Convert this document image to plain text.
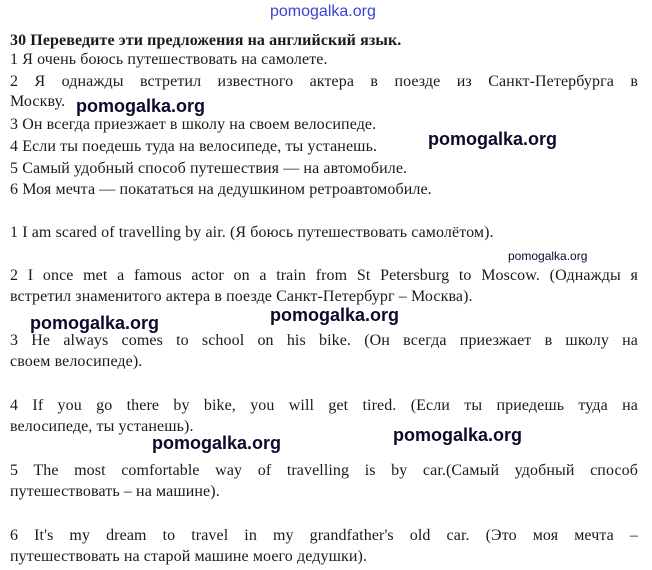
pomogalka.org
30 Переведите эти предложения на английский язык.
1 Я очень боюсь путешествовать на самолете.
2 Я однажды встретил известного актера в поезде из Санкт-Петербурга в
Москву.
3 Он всегда приезжает в школу на своем велосипеде.
4 Если ты поедешь туда на велосипеде, ты устанешь.
5 Самый удобный способ путешествия — на автомобиле.
6 Моя мечта — покататься на дедушкином ретроавтомобиле.
1 I am scared of travelling by air. (Я боюсь путешествовать самолётом).
2 I once met a famous actor on a train from St Petersburg to Moscow. (Однажды я
встретил знаменитого актера в поезде Санкт-Петербург – Москва).
3 He always comes to school on his bike. (Он всегда приезжает в школу на
своем велосипеде).
4 If you go there by bike, you will get tired. (Если ты приедешь туда на
велосипеде, ты устанешь).
5 The most comfortable way of travelling is by car.(Самый удобный способ
путешествовать – на машине).
6 It's my dream to travel in my grandfather's old car. (Это моя мечта –
путешествовать на старой машине моего дедушки).
pomogalka.org
pomogalka.org
pomogalka.org
pomogalka.org	pomogalka.org
pomogalka.org	pomogalka.org
